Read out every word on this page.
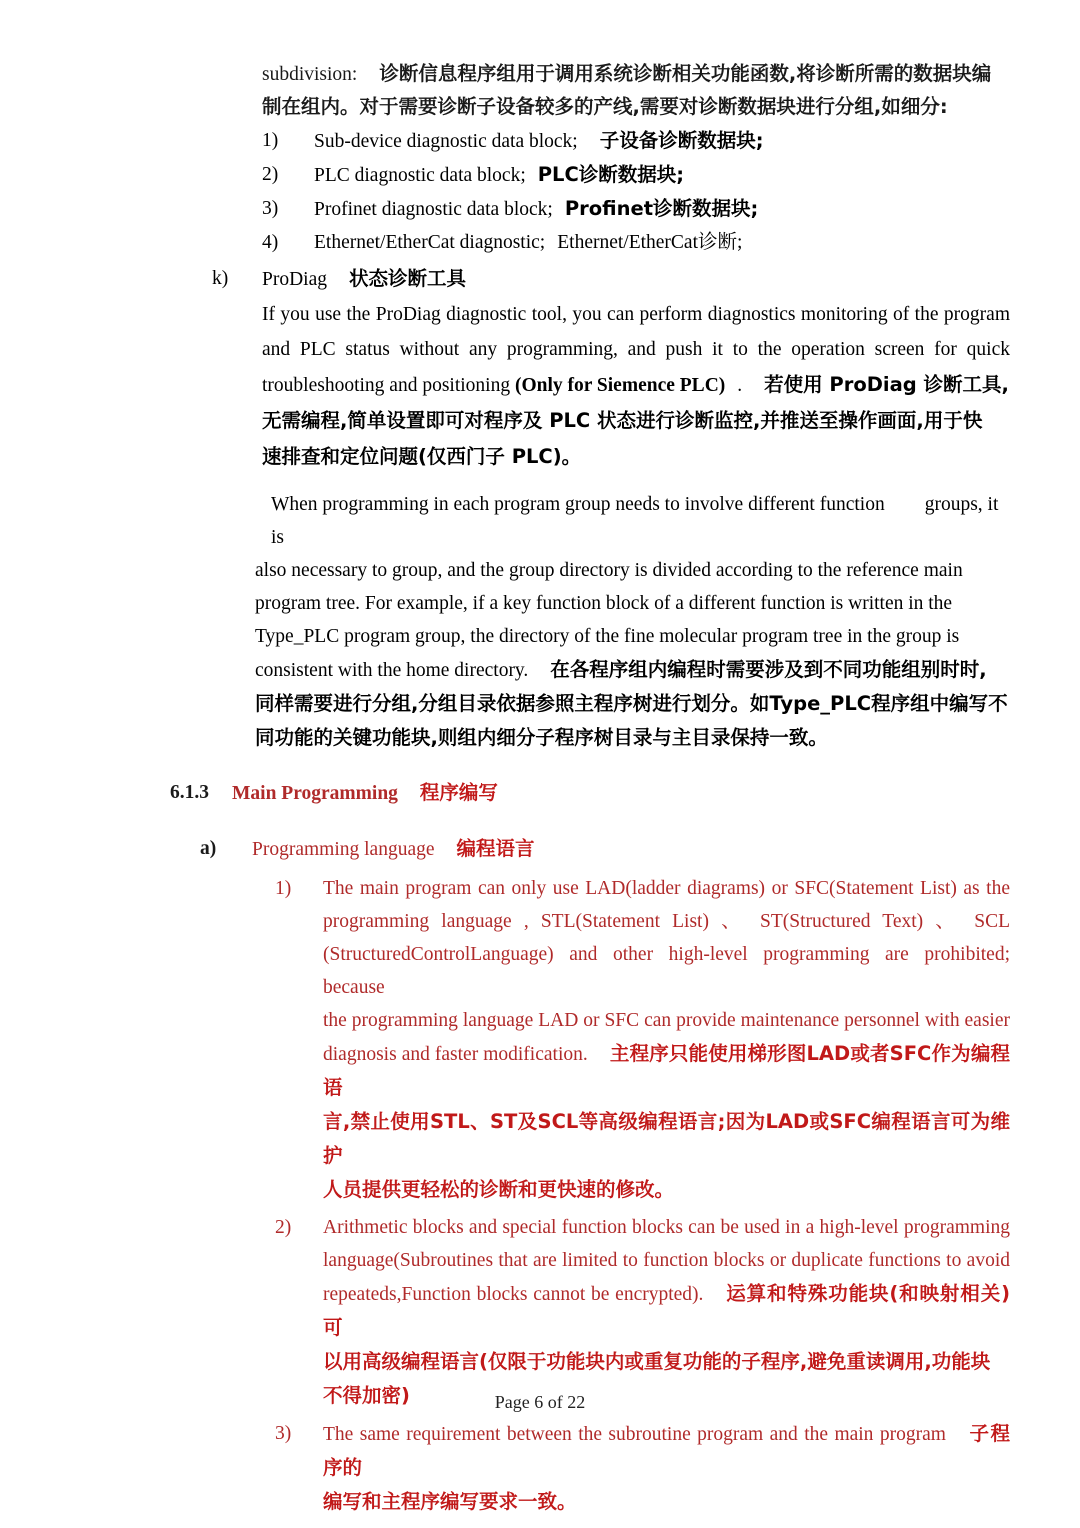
subdivision: 诊断信息程序组用于调用系统诊断相关功能函数,将诊断所需的数据块编
制在组内。对于需要诊断子设备较多的产线,需要对诊断数据块进行分组,如细分:
1)	Sub-device diagnostic data block; 子设备诊断数据块;
2)	PLC diagnostic data block; PLC诊断数据块;
3)	Profinet diagnostic data block; Profinet诊断数据块;
4)	Ethernet/EtherCat diagnostic; Ethernet/EtherCat诊断;
k)	ProDiag 状态诊断工具
If you use the ProDiag diagnostic tool, you can perform diagnostics monitoring of the program
and PLC status without any programming, and push it to the operation screen for quick
troubleshooting and positioning (Only for Siemence PLC) . 若使用 ProDiag 诊断工具,
无需编程,简单设置即可对程序及 PLC 状态进行诊断监控,并推送至操作画面,用于快
速排查和定位问题(仅西门子 PLC)。
When programming in each program group needs to involve different function groups, it is
also necessary to group, and the group directory is divided according to the reference main
program tree. For example, if a key function block of a different function is written in the
Type_PLC program group, the directory of the fine molecular program tree in the group is
consistent with the home directory. 在各程序组内编程时需要涉及到不同功能组别时时,
同样需要进行分组,分组目录依据参照主程序树进行划分。如Type_PLC程序组中编写不
同功能的关键功能块,则组内细分子程序树目录与主目录保持一致。
6.1.3	Main Programming 程序编写
a)	Programming language 编程语言
1)	The main program can only use LAD(ladder diagrams) or SFC(Statement List) as the
programming language , STL(Statement List) 、 ST(Structured Text) 、 SCL
(StructuredControlLanguage) and other high-level programming are prohibited; because
the programming language LAD or SFC can provide maintenance personnel with easier
diagnosis and faster modification. 主程序只能使用梯形图LAD或者SFC作为编程语
言,禁止使用STL、ST及SCL等高级编程语言;因为LAD或SFC编程语言可为维护
人员提供更轻松的诊断和更快速的修改。
2)	Arithmetic blocks and special function blocks can be used in a high-level programming
language(Subroutines that are limited to function blocks or duplicate functions to avoid
repeateds,Function blocks cannot be encrypted). 运算和特殊功能块(和映射相关)可
以用高级编程语言(仅限于功能块内或重复功能的子程序,避免重读调用,功能块
不得加密)
3)	The same requirement between the subroutine program and the main program 子程序的
编写和主程序编写要求一致。
Page 6 of 22
